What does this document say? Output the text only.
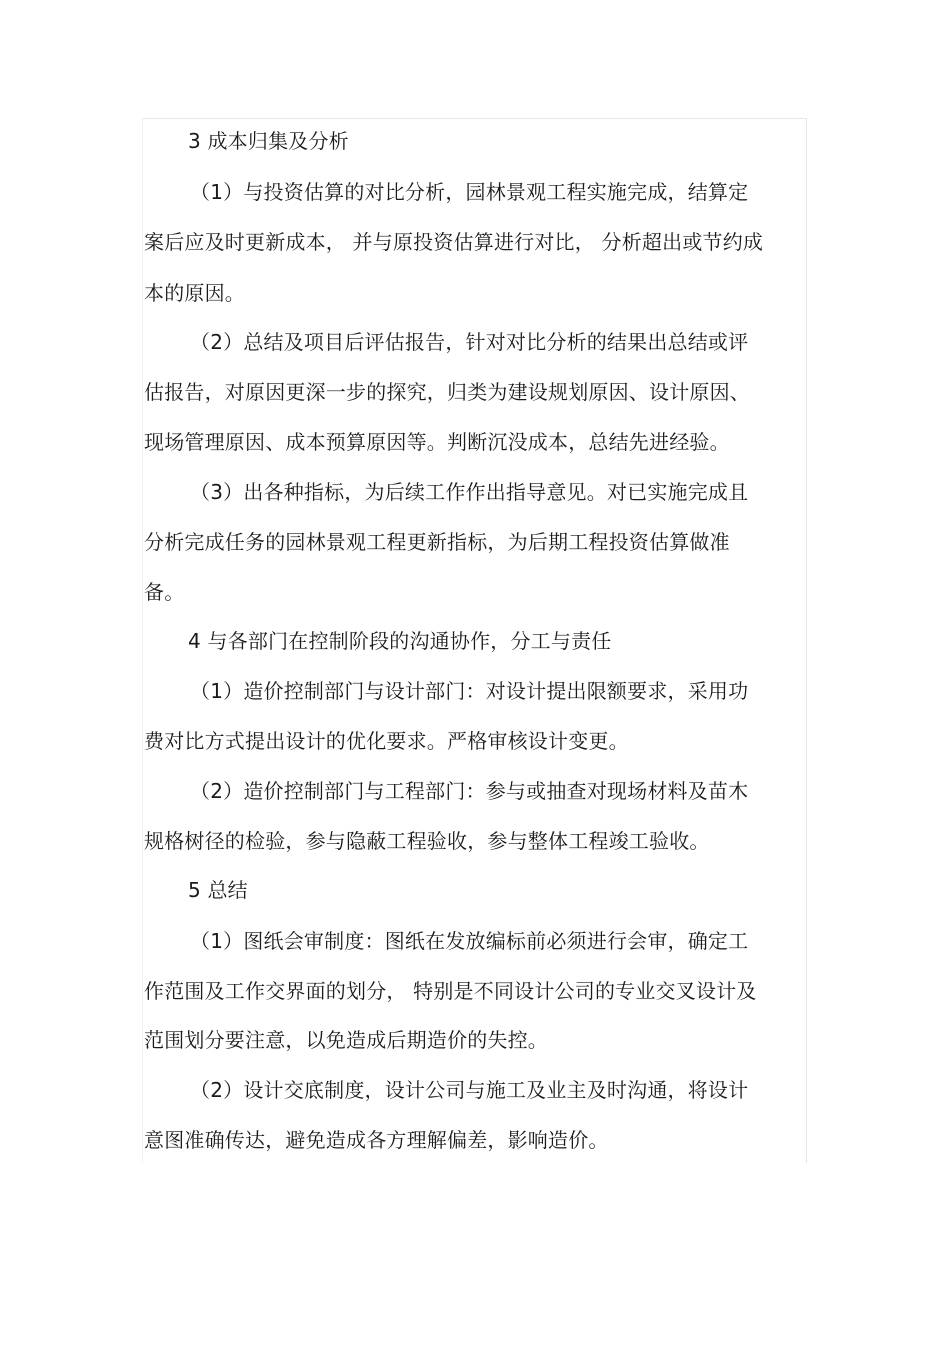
3 成本归集及分析
（1）与投资估算的对比分析，园林景观工程实施完成，结算定
案后应及时更新成本， 并与原投资估算进行对比， 分析超出或节约成
本的原因。
（2）总结及项目后评估报告，针对对比分析的结果出总结或评
估报告，对原因更深一步的探究，归类为建设规划原因、设计原因、
现场管理原因、成本预算原因等。判断沉没成本，总结先进经验。
（3）出各种指标，为后续工作作出指导意见。对已实施完成且
分析完成任务的园林景观工程更新指标，为后期工程投资估算做准
备。
4 与各部门在控制阶段的沟通协作，分工与责任
（1）造价控制部门与设计部门：对设计提出限额要求，采用功
费对比方式提出设计的优化要求。严格审核设计变更。
（2）造价控制部门与工程部门：参与或抽查对现场材料及苗木
规格树径的检验，参与隐蔽工程验收，参与整体工程竣工验收。
5 总结
（1）图纸会审制度：图纸在发放编标前必须进行会审，确定工
作范围及工作交界面的划分， 特别是不同设计公司的专业交叉设计及
范围划分要注意，以免造成后期造价的失控。
（2）设计交底制度，设计公司与施工及业主及时沟通，将设计
意图准确传达，避免造成各方理解偏差，影响造价。
